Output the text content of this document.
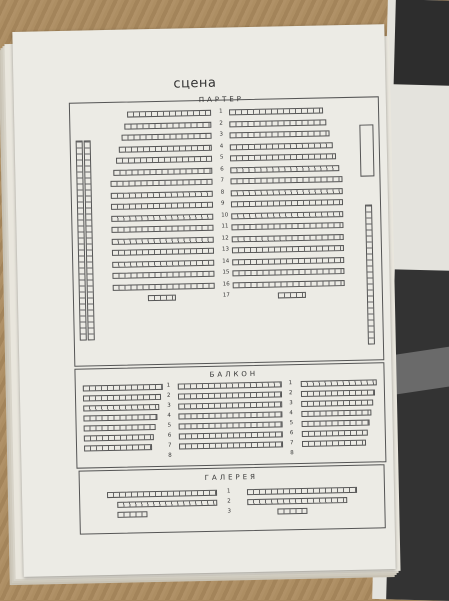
сцена
ПАРТЕР
1
2
3
4
5
6
7
8
9
10
11
12
13
14
15
16
17
БАЛКОН
1	1
2	2
3	3
4	4
5	5
6	6
7	7
8	8
ГАЛЕРЕЯ
1
2
3
